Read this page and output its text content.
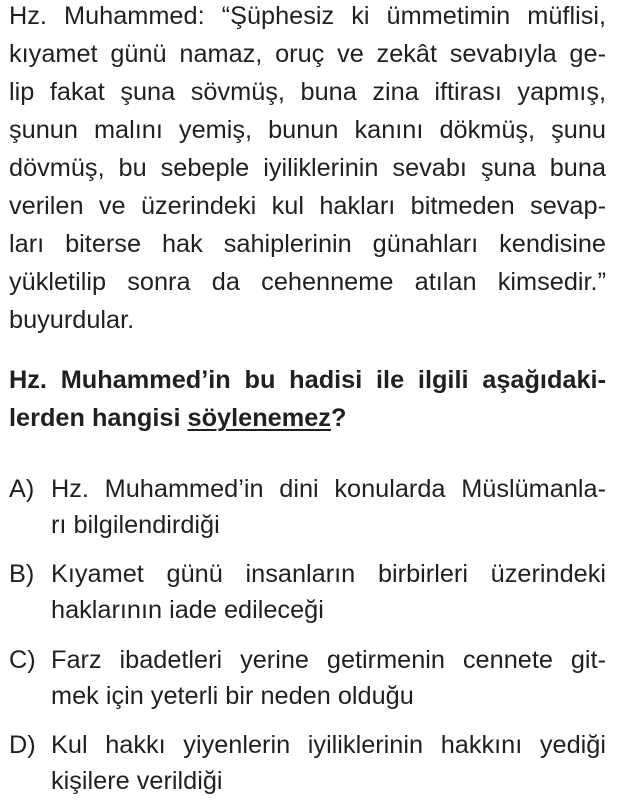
Hz. Muhammed: “Şüphesiz ki ümmetimin müflisi,
kıyamet günü namaz, oruç ve zekât sevabıyla ge-
lip fakat şuna sövmüş, buna zina iftirası yapmış,
şunun malını yemiş, bunun kanını dökmüş, şunu
dövmüş, bu sebeple iyiliklerinin sevabı şuna buna
verilen ve üzerindeki kul hakları bitmeden sevap-
ları biterse hak sahiplerinin günahları kendisine
yükletilip sonra da cehenneme atılan kimsedir.”
buyurdular.
Hz. Muhammed’in bu hadisi ile ilgili aşağıdaki-
lerden hangisi söylenemez?
A) Hz. Muhammed’in dini konularda Müslümanla-
rı bilgilendirdiği
B) Kıyamet günü insanların birbirleri üzerindeki
haklarının iade edileceği
C) Farz ibadetleri yerine getirmenin cennete git-
mek için yeterli bir neden olduğu
D) Kul hakkı yiyenlerin iyiliklerinin hakkını yediği
kişilere verildiği
